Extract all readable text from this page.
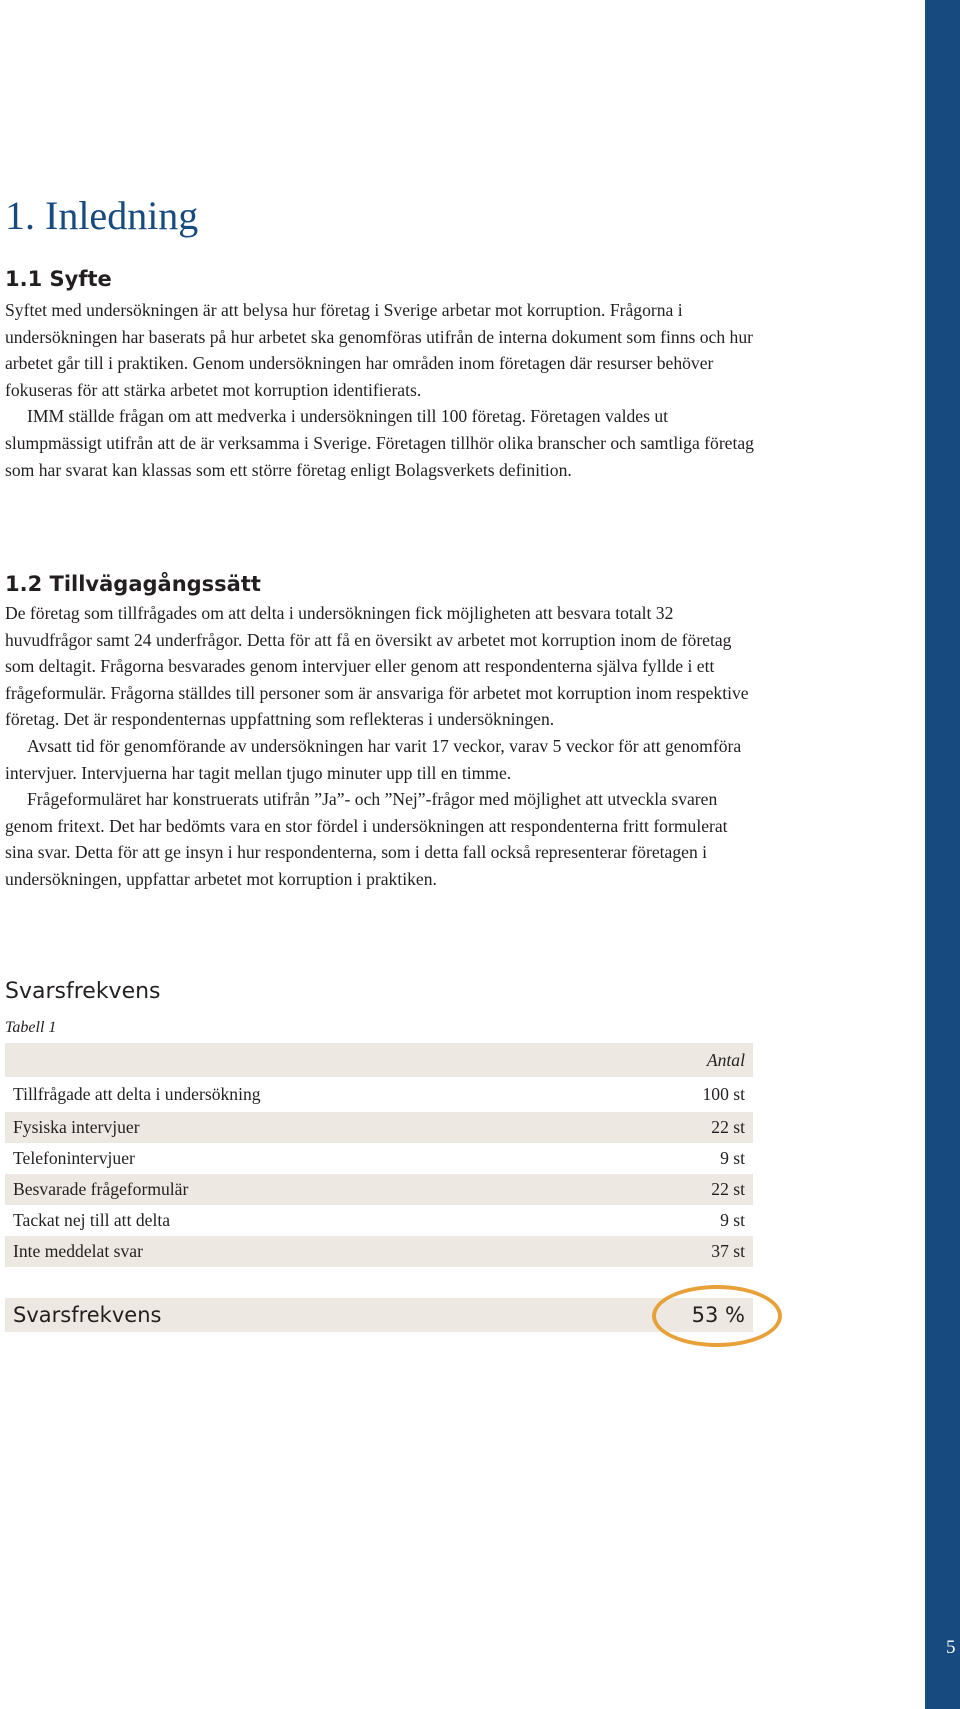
5
1. Inledning
1.1 Syfte

Syftet med undersökningen är att belysa hur företag i Sverige arbetar mot korruption. Frågorna i undersökningen har baserats på hur arbetet ska genomföras utifrån de interna dokument som finns och hur arbetet går till i praktiken. Genom undersökningen har områden inom företagen där resurser behöver fokuseras för att stärka arbetet mot korruption identifierats.

IMM ställde frågan om att medverka i undersökningen till 100 företag. Företagen valdes ut slumpmässigt utifrån att de är verksamma i Sverige. Företagen tillhör olika branscher och samtliga företag som har svarat kan klassas som ett större företag enligt Bolagsverkets definition.

1.2 Tillvägagångssätt

De företag som tillfrågades om att delta i undersökningen fick möjligheten att besvara totalt 32 huvudfrågor samt 24 underfrågor. Detta för att få en översikt av arbetet mot korruption inom de företag som deltagit. Frågorna besvarades genom intervjuer eller genom att respondenterna själva fyllde i ett frågeformulär. Frågorna ställdes till personer som är ansvariga för arbetet mot korruption inom respektive företag. Det är respondenternas uppfattning som reflekteras i undersökningen.

Avsatt tid för genomförande av undersökningen har varit 17 veckor, varav 5 veckor för att genomföra intervjuer. Intervjuerna har tagit mellan tjugo minuter upp till en timme.

Frågeformuläret har konstruerats utifrån ”Ja”- och ”Nej”-frågor med möjlighet att utveckla svaren genom fritext. Det har bedömts vara en stor fördel i undersökningen att respondenterna fritt formulerat sina svar. Detta för att ge insyn i hur respondenterna, som i detta fall också representerar företagen i undersökningen, uppfattar arbetet mot korruption i praktiken.

Svarsfrekvens
Tabell 1
Antal
Tillfrågade att delta i undersökning	100 st
Fysiska intervjuer	22 st
Telefonintervjuer	9 st
Besvarade frågeformulär	22 st
Tackat nej till att delta	9 st
Inte meddelat svar	37 st
Svarsfrekvens	53 %
